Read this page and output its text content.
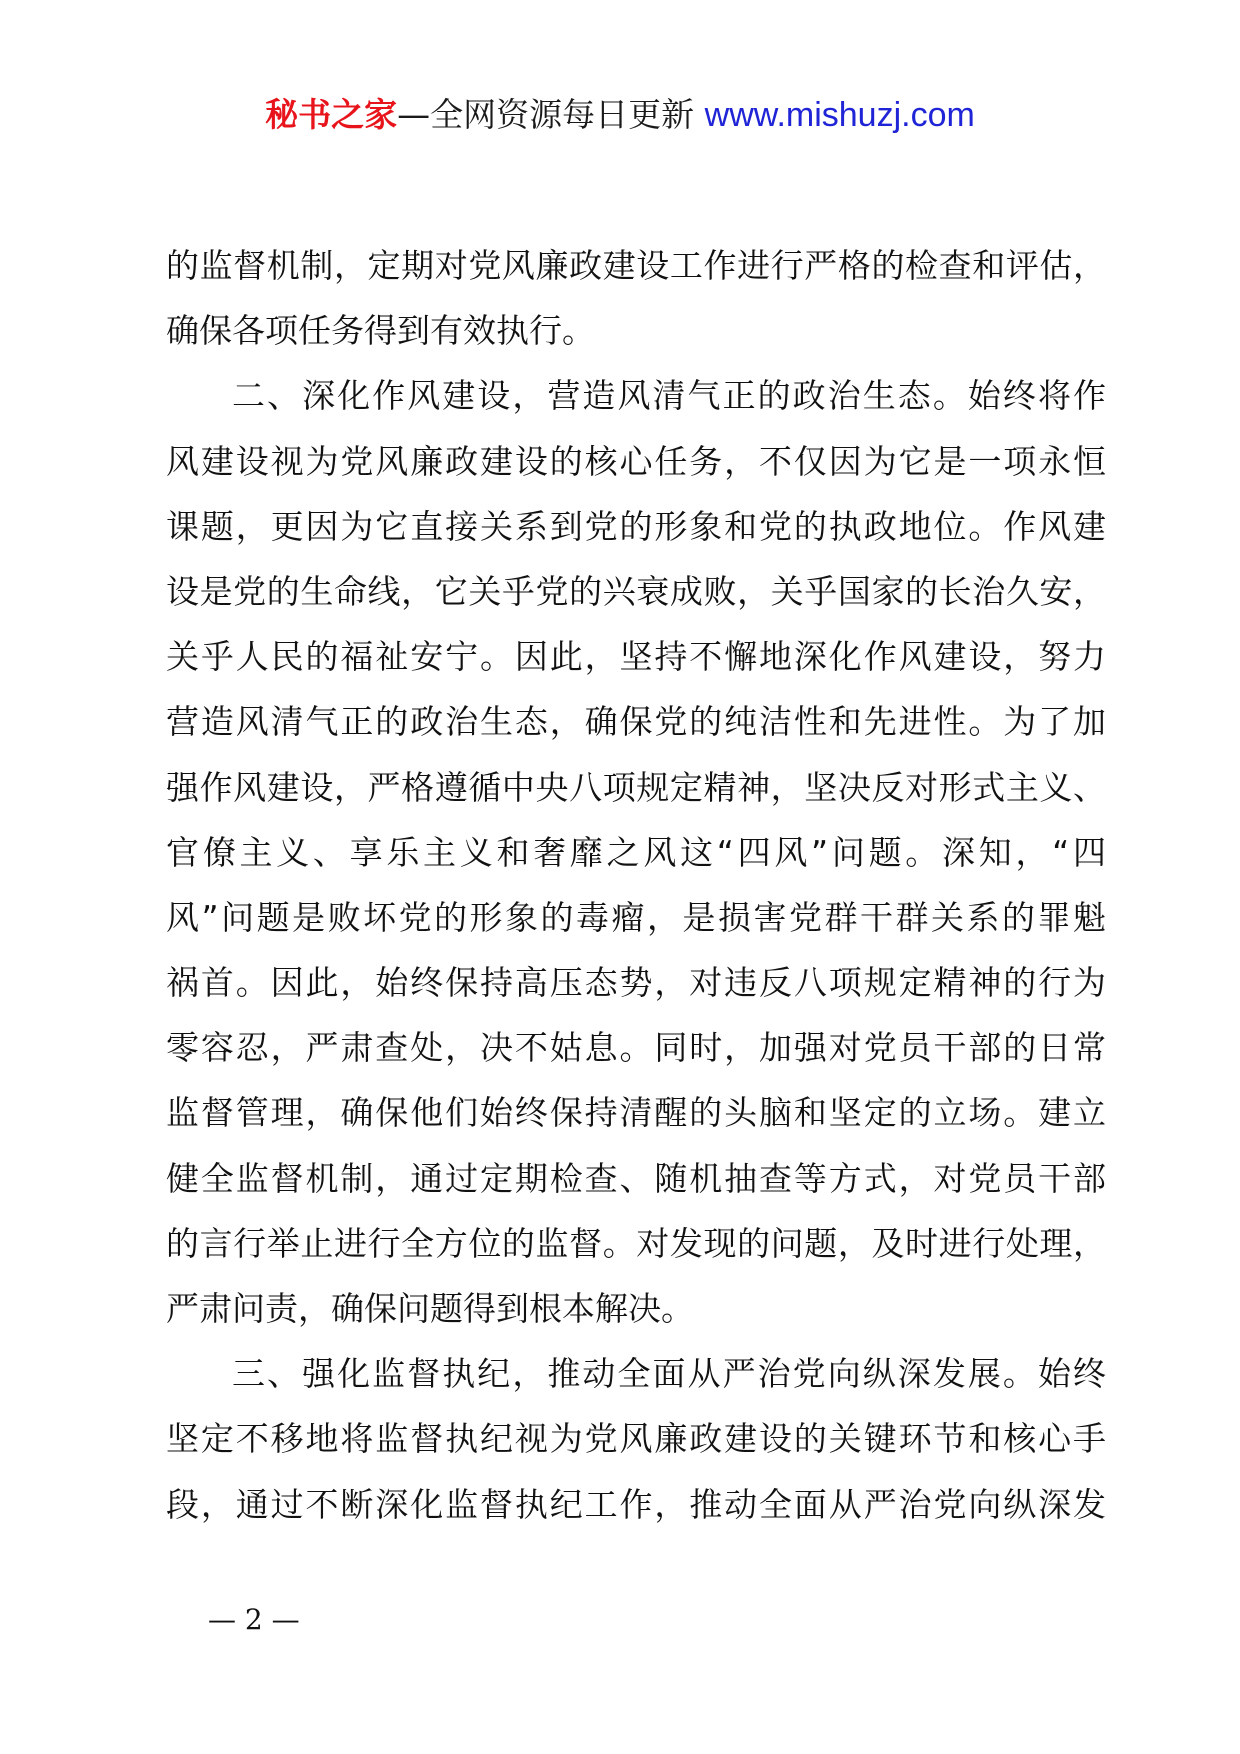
秘书之家—全网资源每日更新 www.mishuzj.com
的监督机制，定期对党风廉政建设工作进行严格的检查和评估，
确保各项任务得到有效执行。
二、深化作风建设，营造风清气正的政治生态。始终将作
风建设视为党风廉政建设的核心任务，不仅因为它是一项永恒
课题，更因为它直接关系到党的形象和党的执政地位。作风建
设是党的生命线，它关乎党的兴衰成败，关乎国家的长治久安，
关乎人民的福祉安宁。因此，坚持不懈地深化作风建设，努力
营造风清气正的政治生态，确保党的纯洁性和先进性。为了加
强作风建设，严格遵循中央八项规定精神，坚决反对形式主义、
官僚主义、享乐主义和奢靡之风这“四风”问题。深知，“四
风”问题是败坏党的形象的毒瘤，是损害党群干群关系的罪魁
祸首。因此，始终保持高压态势，对违反八项规定精神的行为
零容忍，严肃查处，决不姑息。同时，加强对党员干部的日常
监督管理，确保他们始终保持清醒的头脑和坚定的立场。建立
健全监督机制，通过定期检查、随机抽查等方式，对党员干部
的言行举止进行全方位的监督。对发现的问题，及时进行处理，
严肃问责，确保问题得到根本解决。
三、强化监督执纪，推动全面从严治党向纵深发展。始终
坚定不移地将监督执纪视为党风廉政建设的关键环节和核心手
段，通过不断深化监督执纪工作，推动全面从严治党向纵深发
— 2 —
